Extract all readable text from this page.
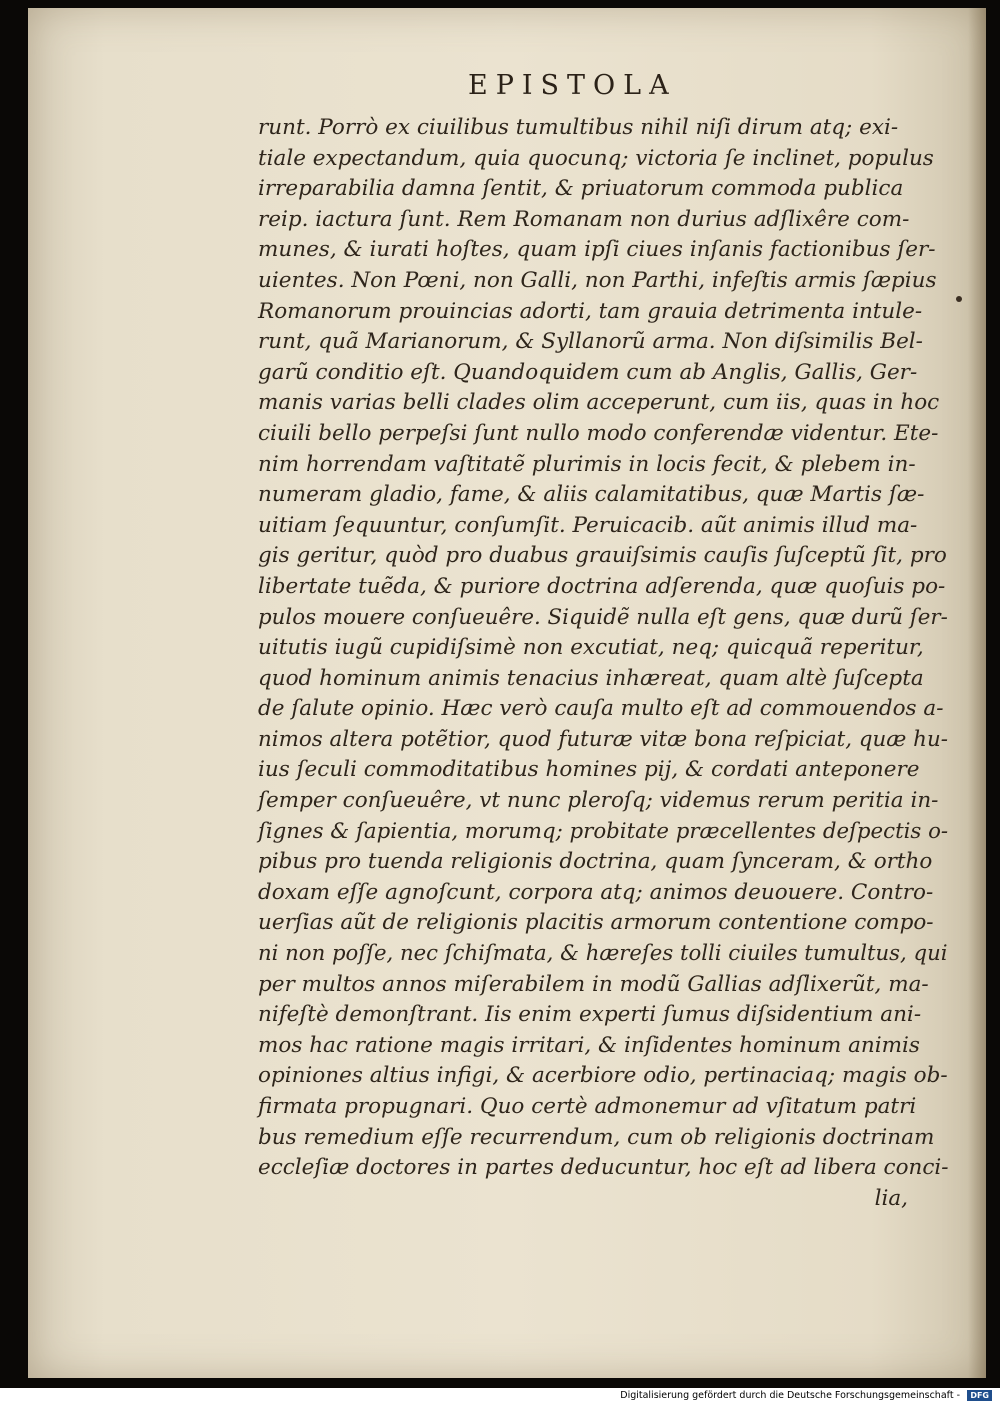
EPISTOLA
runt. Porrò ex ciuilibus tumultibus nihil niſi dirum atq; exi-
tiale expectandum, quia quocunq; victoria ſe inclinet, populus
irreparabilia damna ſentit, & priuatorum commoda publica
reip. iactura ſunt. Rem Romanam non durius adſlixêre com-
munes, & iurati hoſtes, quam ipſi ciues inſanis factionibus ſer-
uientes. Non Pœni, non Galli, non Parthi, infeſtis armis ſæpius
Romanorum prouincias adorti, tam grauia detrimenta intule-
runt, quã Marianorum, & Syllanorũ arma. Non diſsimilis Bel-
garũ conditio eſt. Quandoquidem cum ab Anglis, Gallis, Ger-
manis varias belli clades olim acceperunt, cum iis, quas in hoc
ciuili bello perpeſsi ſunt nullo modo conferendæ videntur. Ete-
nim horrendam vaſtitatẽ plurimis in locis fecit, & plebem in-
numeram gladio, fame, & aliis calamitatibus, quæ Martis ſæ-
uitiam ſequuntur, conſumſit. Peruicacib. aũt animis illud ma-
gis geritur, quòd pro duabus grauiſsimis cauſis ſuſceptũ ſit, pro
libertate tuẽda, & puriore doctrina adſerenda, quæ quoſuis po-
pulos mouere conſueuêre. Siquidẽ nulla eſt gens, quæ durũ ſer-
uitutis iugũ cupidiſsimè non excutiat, neq; quicquã reperitur,
quod hominum animis tenacius inhæreat, quam altè ſuſcepta
de ſalute opinio. Hæc verò cauſa multo eſt ad commouendos a-
nimos altera potẽtior, quod futuræ vitæ bona reſpiciat, quæ hu-
ius ſeculi commoditatibus homines pij, & cordati anteponere
ſemper conſueuêre, vt nunc pleroſq; videmus rerum peritia in-
ſignes & ſapientia, morumq; probitate præcellentes deſpectis o-
pibus pro tuenda religionis doctrina, quam ſynceram, & ortho
doxam eſſe agnoſcunt, corpora atq; animos deuouere. Contro-
uerſias aũt de religionis placitis armorum contentione compo-
ni non poſſe, nec ſchiſmata, & hæreſes tolli ciuiles tumultus, qui
per multos annos miſerabilem in modũ Gallias adſlixerũt, ma-
nifeſtè demonſtrant. Iis enim experti ſumus diſsidentium ani-
mos hac ratione magis irritari, & inſidentes hominum animis
opiniones altius infigi, & acerbiore odio, pertinaciaq; magis ob-
firmata propugnari. Quo certè admonemur ad vſitatum patri
bus remedium eſſe recurrendum, cum ob religionis doctrinam
eccleſiæ doctores in partes deducuntur, hoc eſt ad libera conci-
lia,
Digitalisierung gefördert durch die Deutsche Forschungsgemeinschaft -	DFG
